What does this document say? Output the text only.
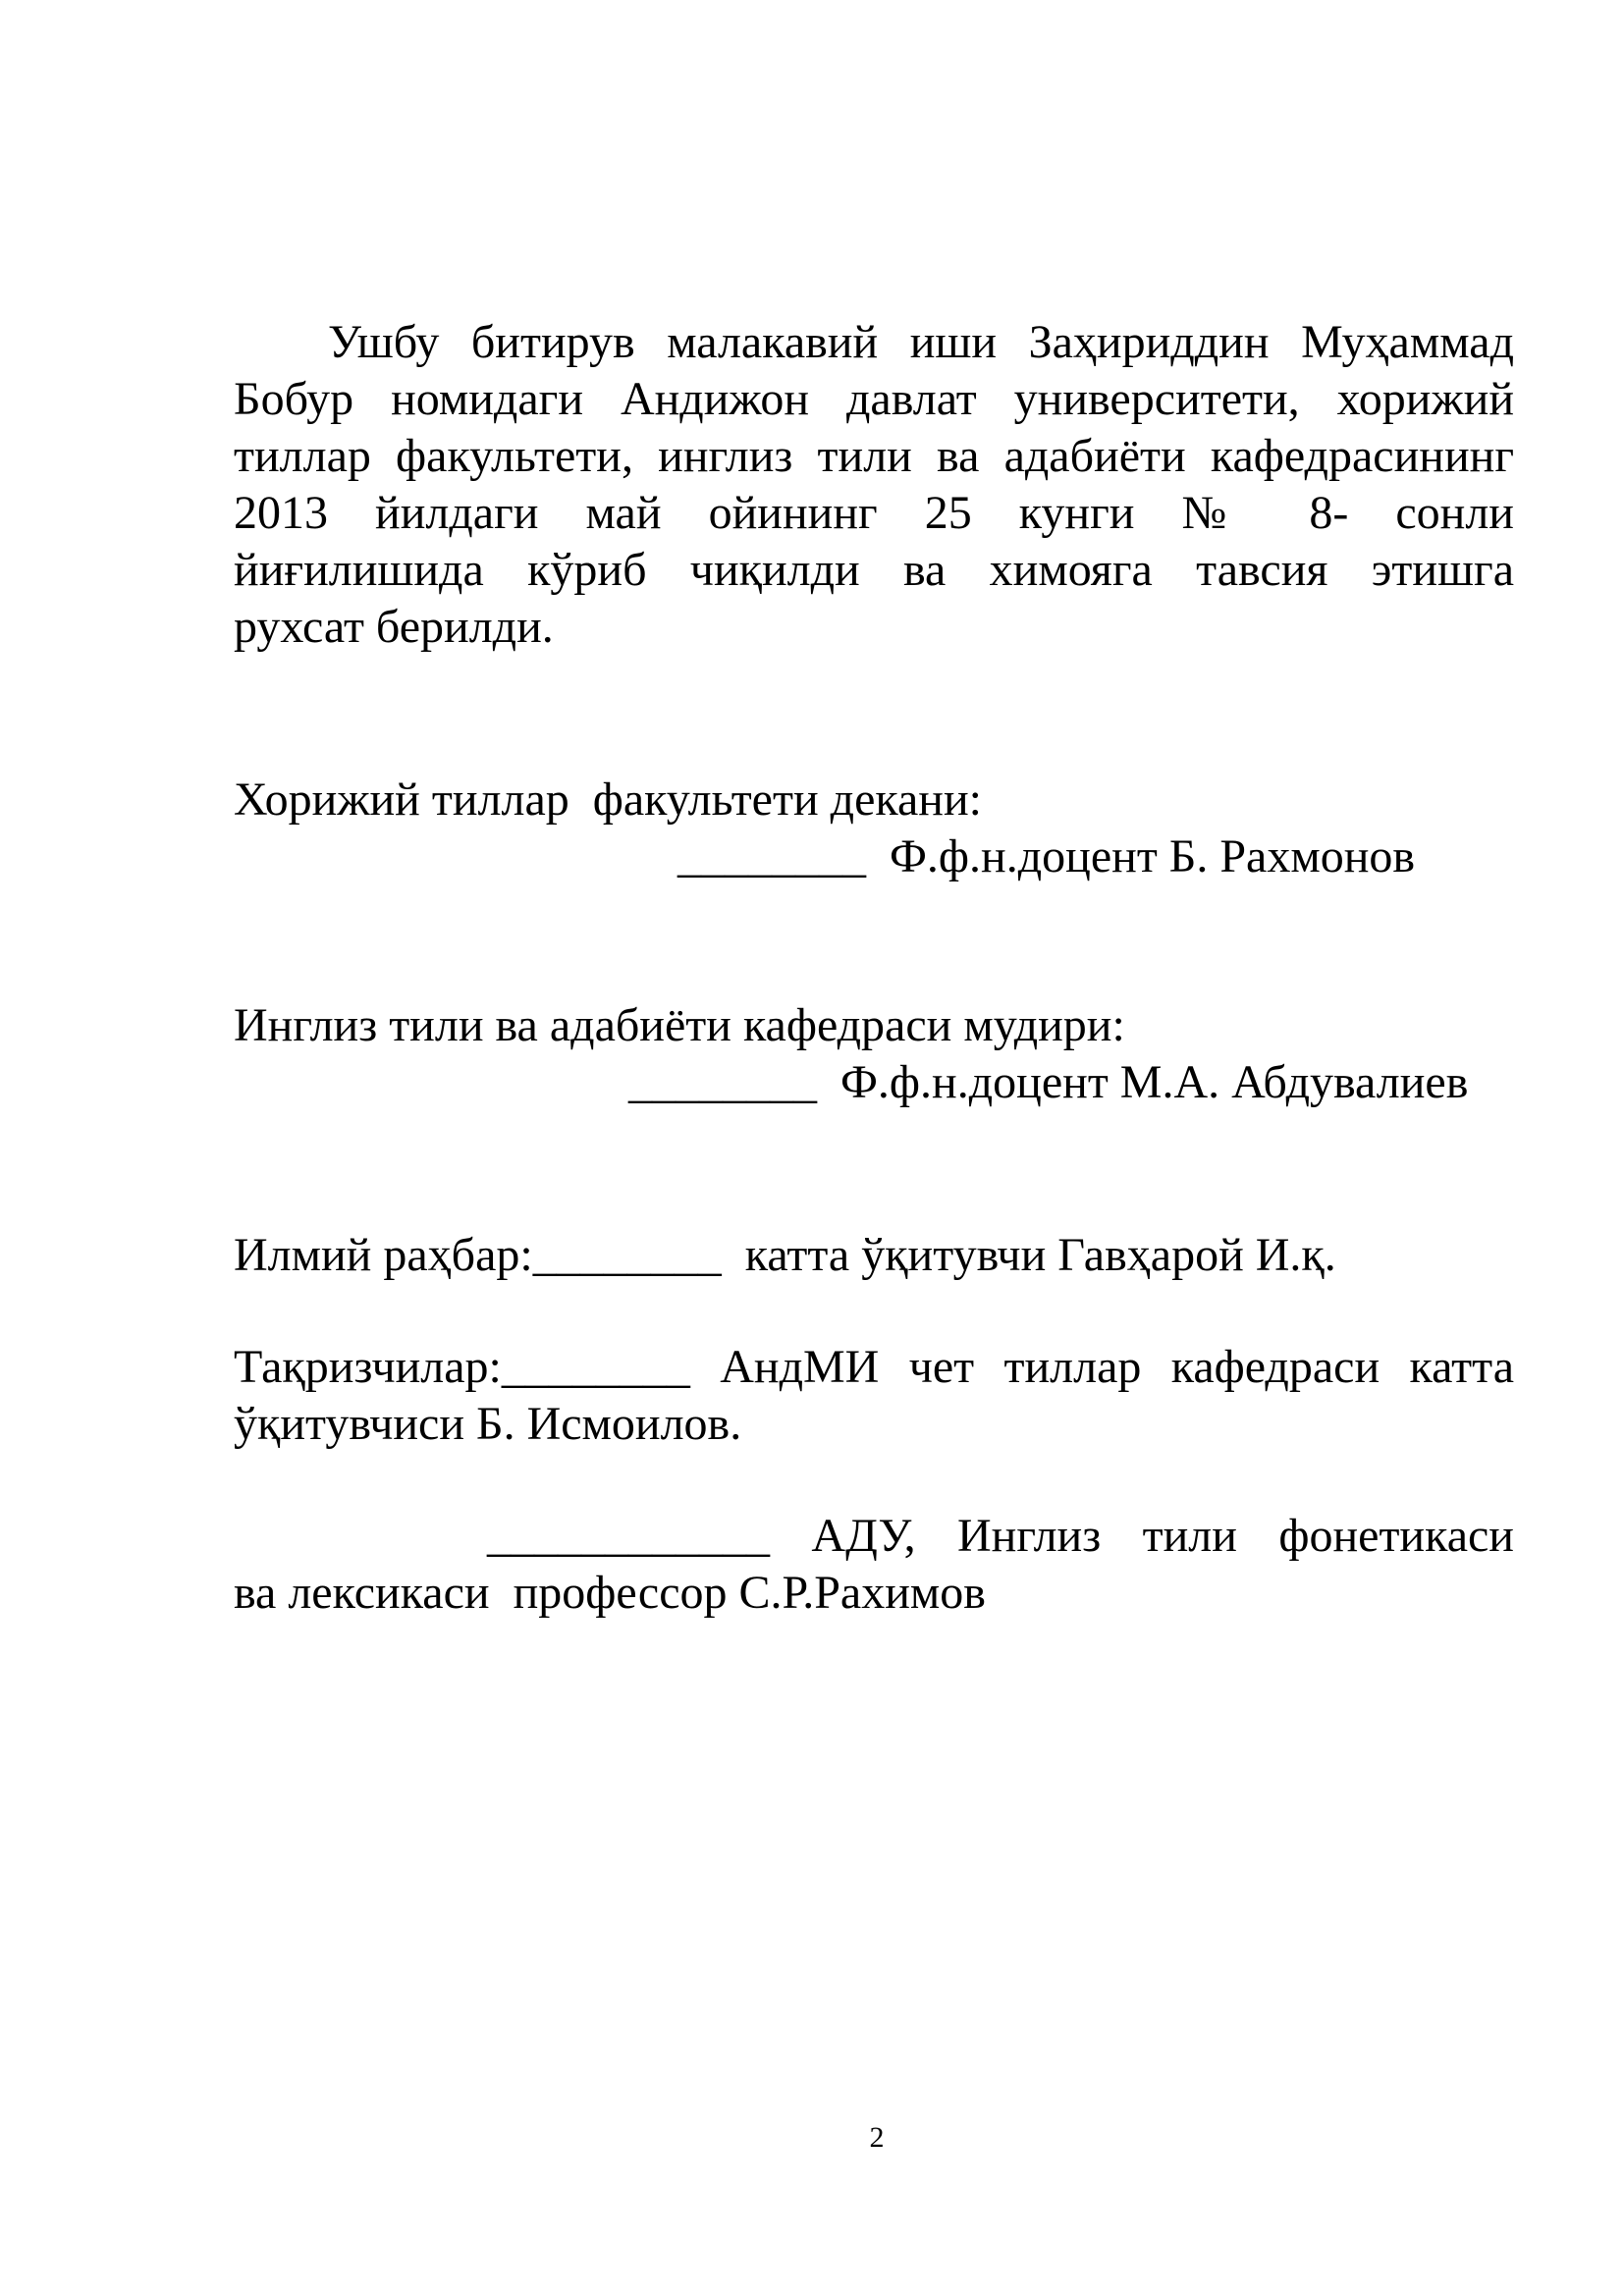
Ушбу битирув малакавий иши Заҳириддин Муҳаммад
Бобур номидаги Андижон давлат университети, хорижий
тиллар факультети, инглиз тили ва адабиёти кафедрасининг
2013 йилдаги май ойининг 25 кунги № 8- сонли
йиғилишида кўриб чиқилди ва химояга тавсия этишга
рухсат берилди.
Хорижий тиллар  факультети декани:
________  Ф.ф.н.доцент Б. Рахмонов
Инглиз тили ва адабиёти кафедраси мудири:
________  Ф.ф.н.доцент М.А. Абдувалиев
Илмий раҳбар:________  катта ўқитувчи Гавҳарой И.қ.
Тақризчилар:________ АндМИ чет тиллар кафедраси катта
ўқитувчиси Б. Исмоилов.
____________ АДУ, Инглиз тили фонетикаси
ва лексикаси  профессор С.Р.Рахимов
2
